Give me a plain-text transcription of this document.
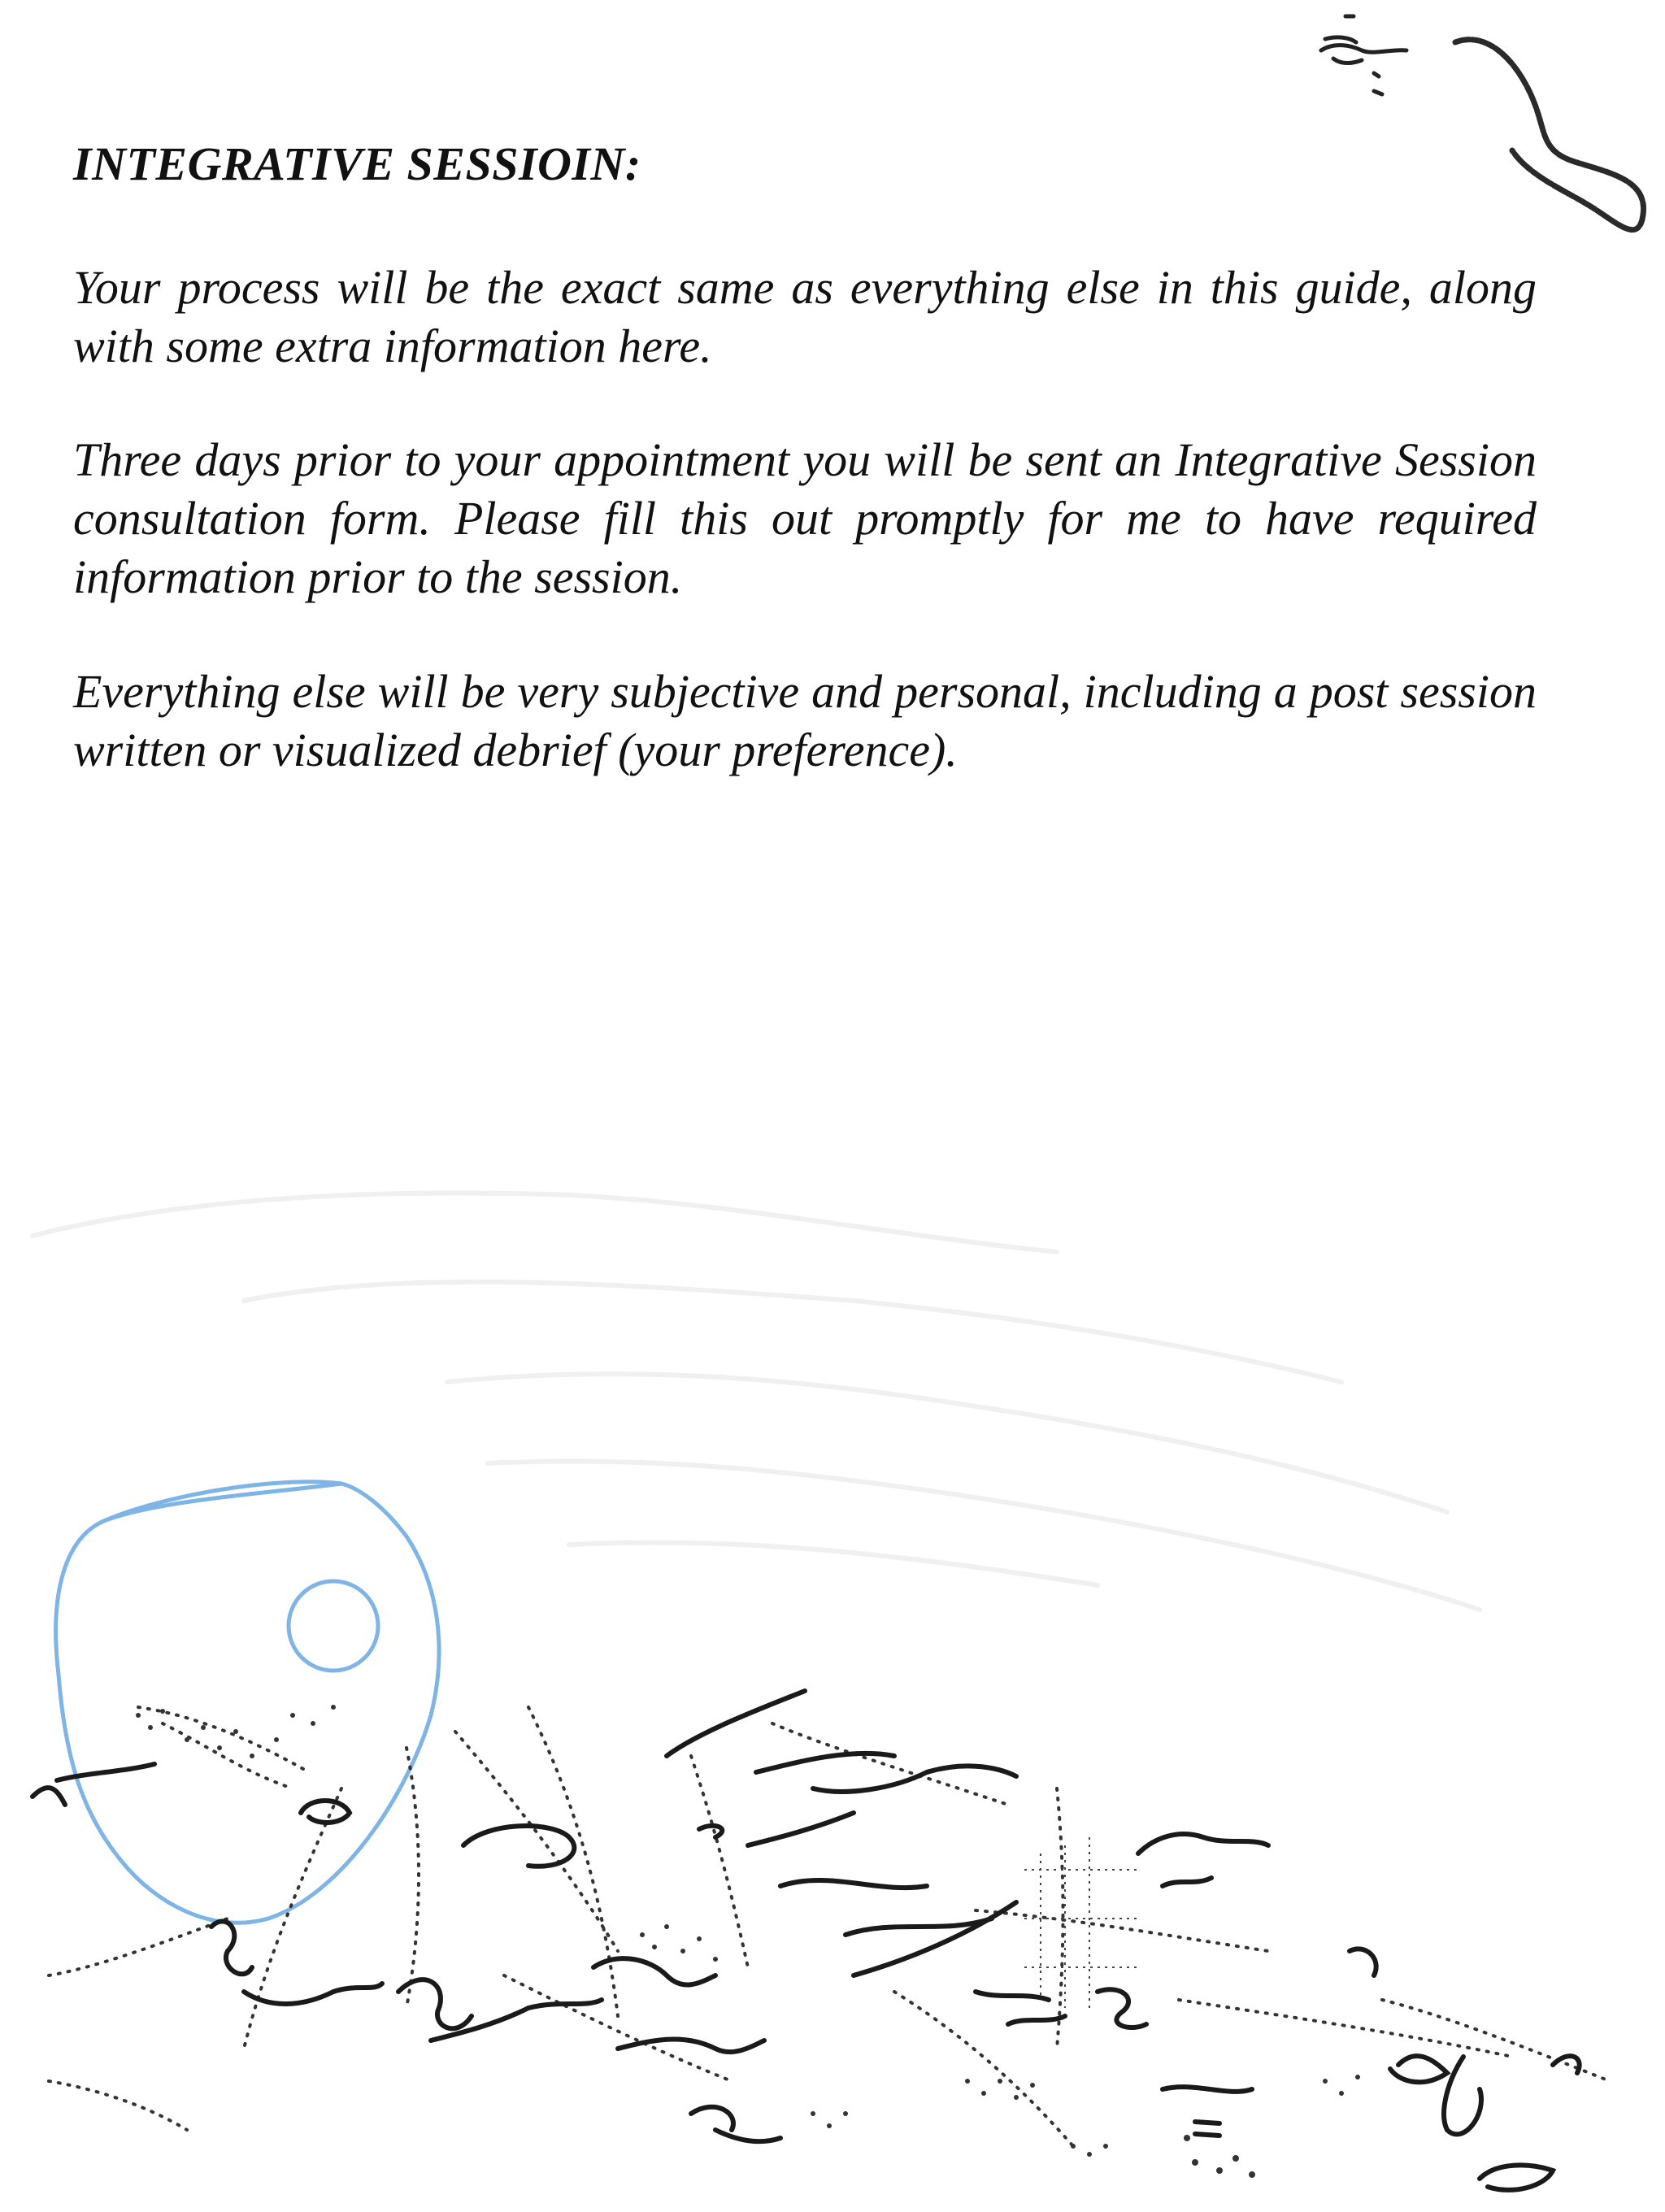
INTEGRATIVE SESSIOIN:

Your process will be the exact same as everything else in this guide, along with some extra information here.

Three days prior to your appointment you will be sent an Integrative Session consultation form. Please fill this out promptly for me to have required information prior to the session.

Everything else will be very subjective and personal, including a post session written or visualized debrief (your preference).
